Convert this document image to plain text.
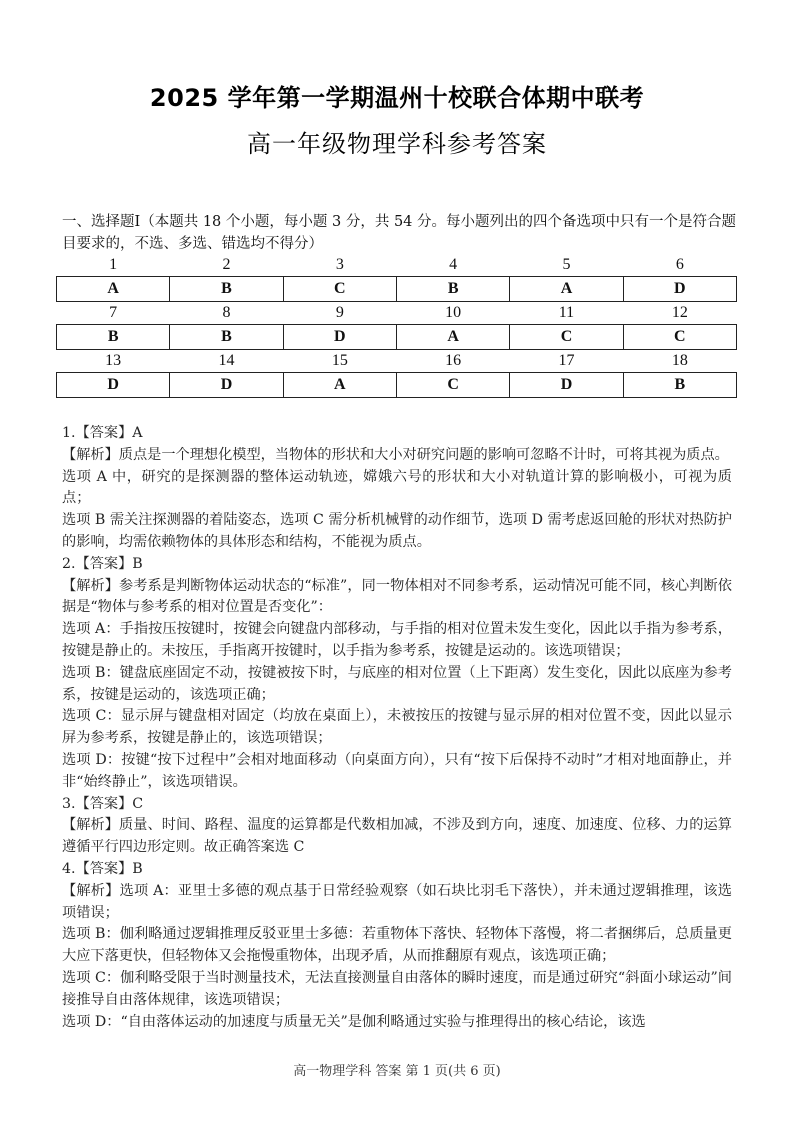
2025 学年第一学期温州十校联合体期中联考
高一年级物理学科参考答案
一、选择题Ⅰ（本题共 18 个小题，每小题 3 分，共 54 分。每小题列出的四个备选项中只有一个是符合题目要求的，不选、多选、错选均不得分）
1	2	3	4	5	6
A	B	C	B	A	D
7	8	9	10	11	12
B	B	D	A	C	C
13	14	15	16	17	18
D	D	A	C	D	B

1.【答案】A

【解析】质点是一个理想化模型，当物体的形状和大小对研究问题的影响可忽略不计时，可将其视为质点。

选项 A 中，研究的是探测器的整体运动轨迹，嫦娥六号的形状和大小对轨道计算的影响极小，可视为质点；

选项 B 需关注探测器的着陆姿态，选项 C 需分析机械臂的动作细节，选项 D 需考虑返回舱的形状对热防护的影响，均需依赖物体的具体形态和结构，不能视为质点。

2.【答案】B

【解析】参考系是判断物体运动状态的“标准”，同一物体相对不同参考系，运动情况可能不同，核心判断依据是“物体与参考系的相对位置是否变化”：

选项 A：手指按压按键时，按键会向键盘内部移动，与手指的相对位置未发生变化，因此以手指为参考系，按键是静止的。未按压，手指离开按键时，以手指为参考系，按键是运动的。该选项错误；

选项 B：键盘底座固定不动，按键被按下时，与底座的相对位置（上下距离）发生变化，因此以底座为参考系，按键是运动的，该选项正确；

选项 C：显示屏与键盘相对固定（均放在桌面上），未被按压的按键与显示屏的相对位置不变，因此以显示屏为参考系，按键是静止的，该选项错误；

选项 D：按键“按下过程中”会相对地面移动（向桌面方向），只有“按下后保持不动时”才相对地面静止，并非“始终静止”，该选项错误。

3.【答案】C

【解析】质量、时间、路程、温度的运算都是代数相加减，不涉及到方向，速度、加速度、位移、力的运算遵循平行四边形定则。故正确答案选 C

4.【答案】B

【解析】选项 A：亚里士多德的观点基于日常经验观察（如石块比羽毛下落快），并未通过逻辑推理，该选项错误；

选项 B：伽利略通过逻辑推理反驳亚里士多德：若重物体下落快、轻物体下落慢，将二者捆绑后，总质量更大应下落更快，但轻物体又会拖慢重物体，出现矛盾，从而推翻原有观点，该选项正确；

选项 C：伽利略受限于当时测量技术，无法直接测量自由落体的瞬时速度，而是通过研究“斜面小球运动”间接推导自由落体规律，该选项错误；

选项 D：“自由落体运动的加速度与质量无关”是伽利略通过实验与推理得出的核心结论，该选

高一物理学科 答案 第 1 页(共 6 页)
